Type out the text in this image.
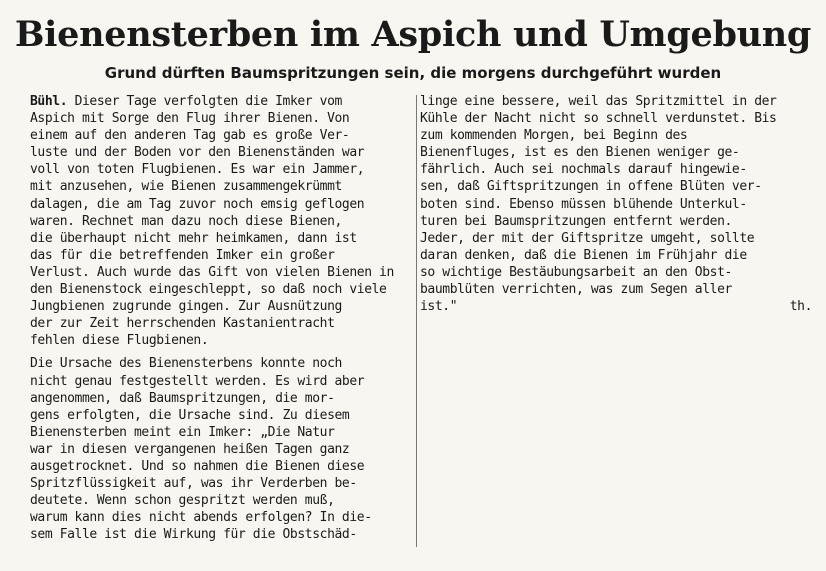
Bienensterben im Aspich und Umgebung
Grund dürften Baumspritzungen sein, die morgens durchgeführt wurden
Bühl. Dieser Tage verfolgten die Imker vom
Aspich mit Sorge den Flug ihrer Bienen. Von
einem auf den anderen Tag gab es große Ver-
luste und der Boden vor den Bienenständen war
voll von toten Flugbienen. Es war ein Jammer,
mit anzusehen, wie Bienen zusammengekrümmt
dalagen, die am Tag zuvor noch emsig geflogen
waren. Rechnet man dazu noch diese Bienen,
die überhaupt nicht mehr heimkamen, dann ist
das für die betreffenden Imker ein großer
Verlust. Auch wurde das Gift von vielen Bienen in
den Bienenstock eingeschleppt, so daß noch viele
Jungbienen zugrunde gingen. Zur Ausnützung
der zur Zeit herrschenden Kastanientracht
fehlen diese Flugbienen.
Die Ursache des Bienensterbens konnte noch
nicht genau festgestellt werden. Es wird aber
angenommen, daß Baumspritzungen, die mor-
gens erfolgten, die Ursache sind. Zu diesem
Bienensterben meint ein Imker: „Die Natur
war in diesen vergangenen heißen Tagen ganz
ausgetrocknet. Und so nahmen die Bienen diese
Spritzflüssigkeit auf, was ihr Verderben be-
deutete. Wenn schon gespritzt werden muß,
warum kann dies nicht abends erfolgen? In die-
sem Falle ist die Wirkung für die Obstschäd-
linge eine bessere, weil das Spritzmittel in der
Kühle der Nacht nicht so schnell verdunstet. Bis
zum kommenden Morgen, bei Beginn des
Bienenfluges, ist es den Bienen weniger ge-
fährlich. Auch sei nochmals darauf hingewie-
sen, daß Giftspritzungen in offene Blüten ver-
boten sind. Ebenso müssen blühende Unterkul-
turen bei Baumspritzungen entfernt werden.
Jeder, der mit der Giftspritze umgeht, sollte
daran denken, daß die Bienen im Frühjahr die
so wichtige Bestäubungsarbeit an den Obst-
baumblüten verrichten, was zum Segen aller
ist."	th.
